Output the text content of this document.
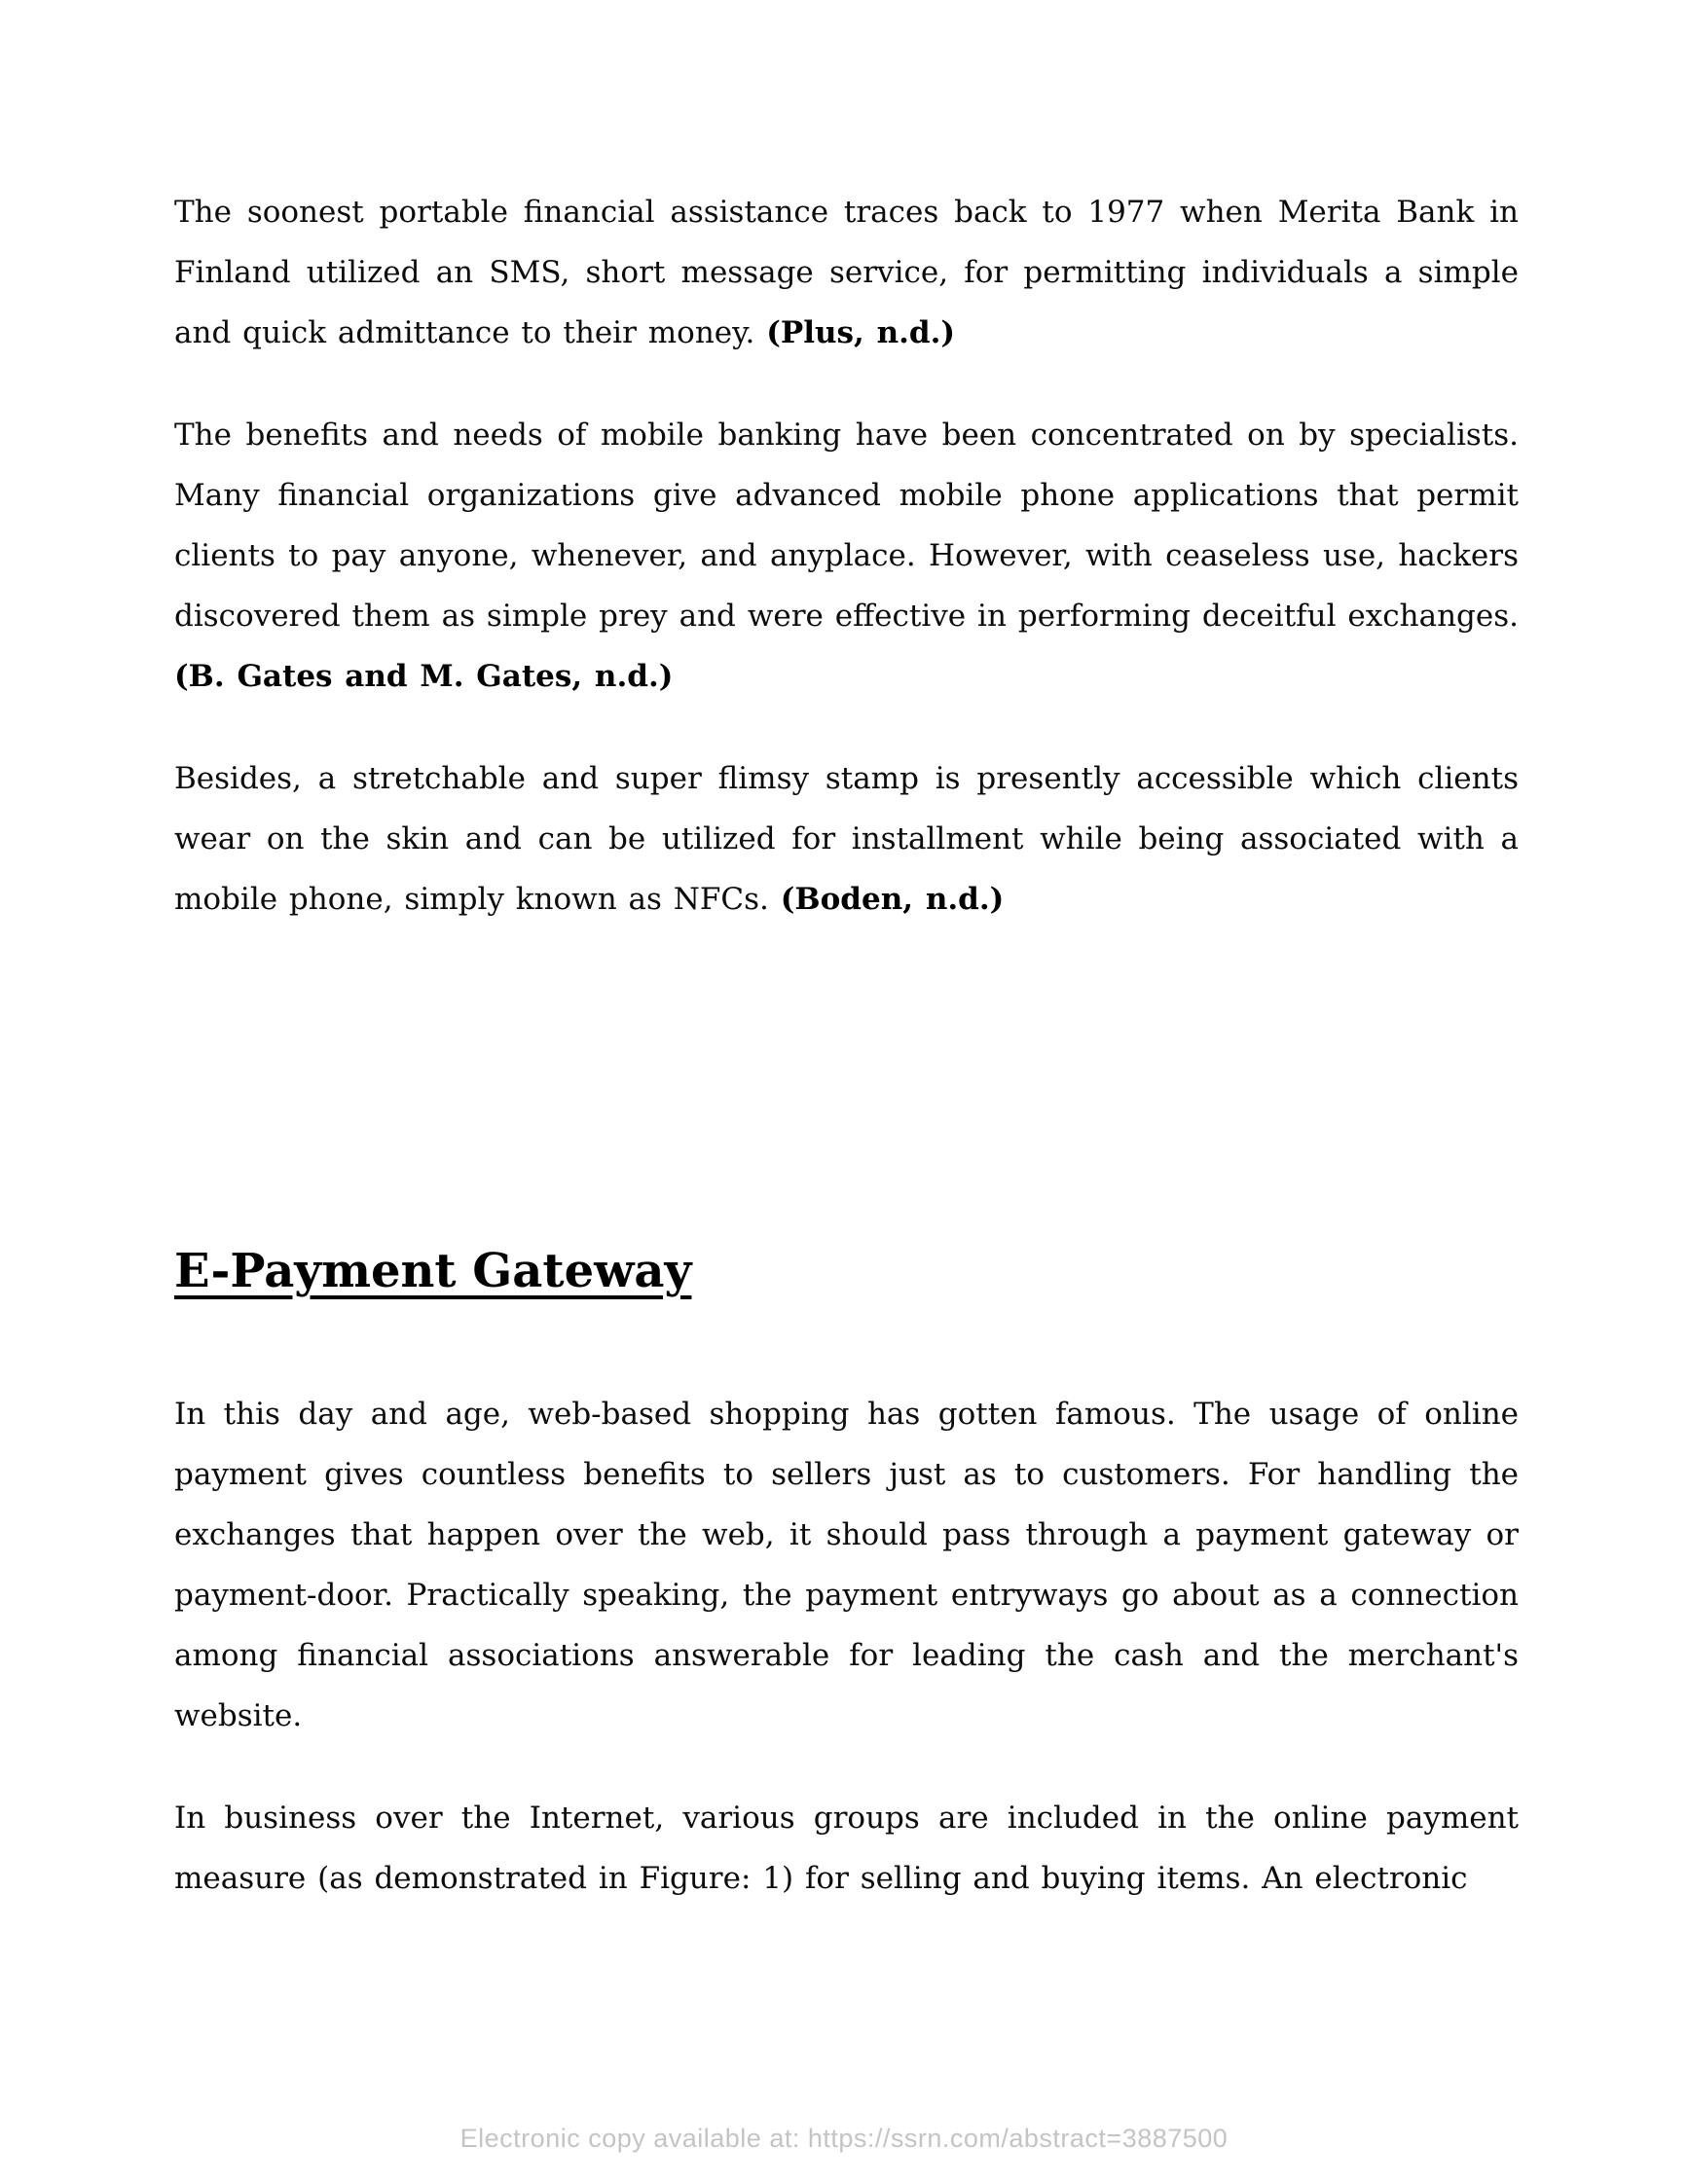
The soonest portable financial assistance traces back to 1977 when Merita Bank in Finland utilized an SMS, short message service, for permitting individuals a simple and quick admittance to their money. (Plus, n.d.)

The benefits and needs of mobile banking have been concentrated on by specialists. Many financial organizations give advanced mobile phone applications that permit clients to pay anyone, whenever, and anyplace. However, with ceaseless use, hackers discovered them as simple prey and were effective in performing deceitful exchanges. (B. Gates and M. Gates, n.d.)

Besides, a stretchable and super flimsy stamp is presently accessible which clients wear on the skin and can be utilized for installment while being associated with a mobile phone, simply known as NFCs. (Boden, n.d.)

E-Payment Gateway

In this day and age, web-based shopping has gotten famous. The usage of online payment gives countless benefits to sellers just as to customers. For handling the exchanges that happen over the web, it should pass through a payment gateway or payment-door. Practically speaking, the payment entryways go about as a connection among financial associations answerable for leading the cash and the merchant's website.

In business over the Internet, various groups are included in the online payment measure (as demonstrated in Figure: 1) for selling and buying items. An electronic

Electronic copy available at: https://ssrn.com/abstract=3887500
